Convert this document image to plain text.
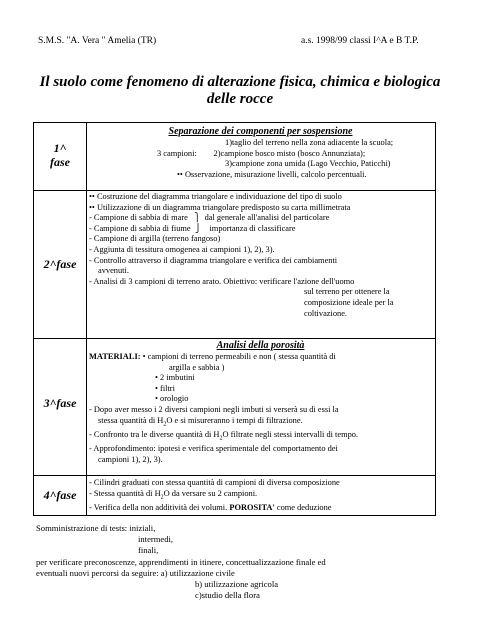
S.M.S. "A. Vera " Amelia (TR)	a.s. 1998/99 classi I^A e B T.P.
Il suolo come fenomeno di alterazione fisica, chimica e biologica
delle rocce
1^
fase
Separazione dei componenti per sospensione
1)taglio del terreno nella zona adiacente la scuola;
3 campioni:        2)campione bosco misto (bosco Annunziata);
3)campione zona umida (Lago Vecchio, Paticchi)
•• Osservazione, misurazione livelli, calcolo percentuali.
2^fase
•• Costruzione del diagramma triangolare e individuazione del tipo di suolo
•• Utilizzazione di un diagramma triangolare predisposto su carta millimetrata
- Campione di sabbia di mare   ⎫  dal generale all'analisi del particolare
- Campione di sabbia di fiume  ⎭    importanza di classificare
- Campione di argilla (terreno fangoso)
- Aggiunta di tessitura omogenea ai campioni 1), 2), 3).
- Controllo attraverso il diagramma triangolare e verifica dei cambiamenti
avvenuti.
- Analisi di 3 campioni di terreno arato. Obiettivo: verificare l'azione dell'uomo
sul terreno per ottenere la
composizione ideale per la
coltivazione.
3^fase
Analisi della porosità
MATERIALI: • campioni di terreno permeabili e non ( stessa quantità di
argilla e sabbia )
• 2 imbutini
• filtri
• orologio
- Dopo aver messo i 2 diversi campioni negli imbuti si verserà su di essi la
stessa quantità di $H_2O$ e si misureranno i tempi di filtrazione.
- Confronto tra le diverse quantità di $H_2O$ filtrate negli stessi intervalli di tempo.
- Approfondimento: ipotesi e verifica sperimentale del comportamento dei
campioni 1), 2), 3).
4^fase
- Cilindri graduati con stessa quantità di campioni di diversa composizione
- Stessa quantità di $H_2O$ da versare su 2 campioni.
- Verifica della non additività dei volumi. POROSITA' come deduzione
Somministrazione di tests: iniziali,
intermedi,
finali,
per verificare preconoscenze, apprendimenti in itinere, concettualizzazione finale ed
eventuali nuovi percorsi da seguire: a) utilizzazione civile
b) utilizzazione agricola
c)studio della flora
